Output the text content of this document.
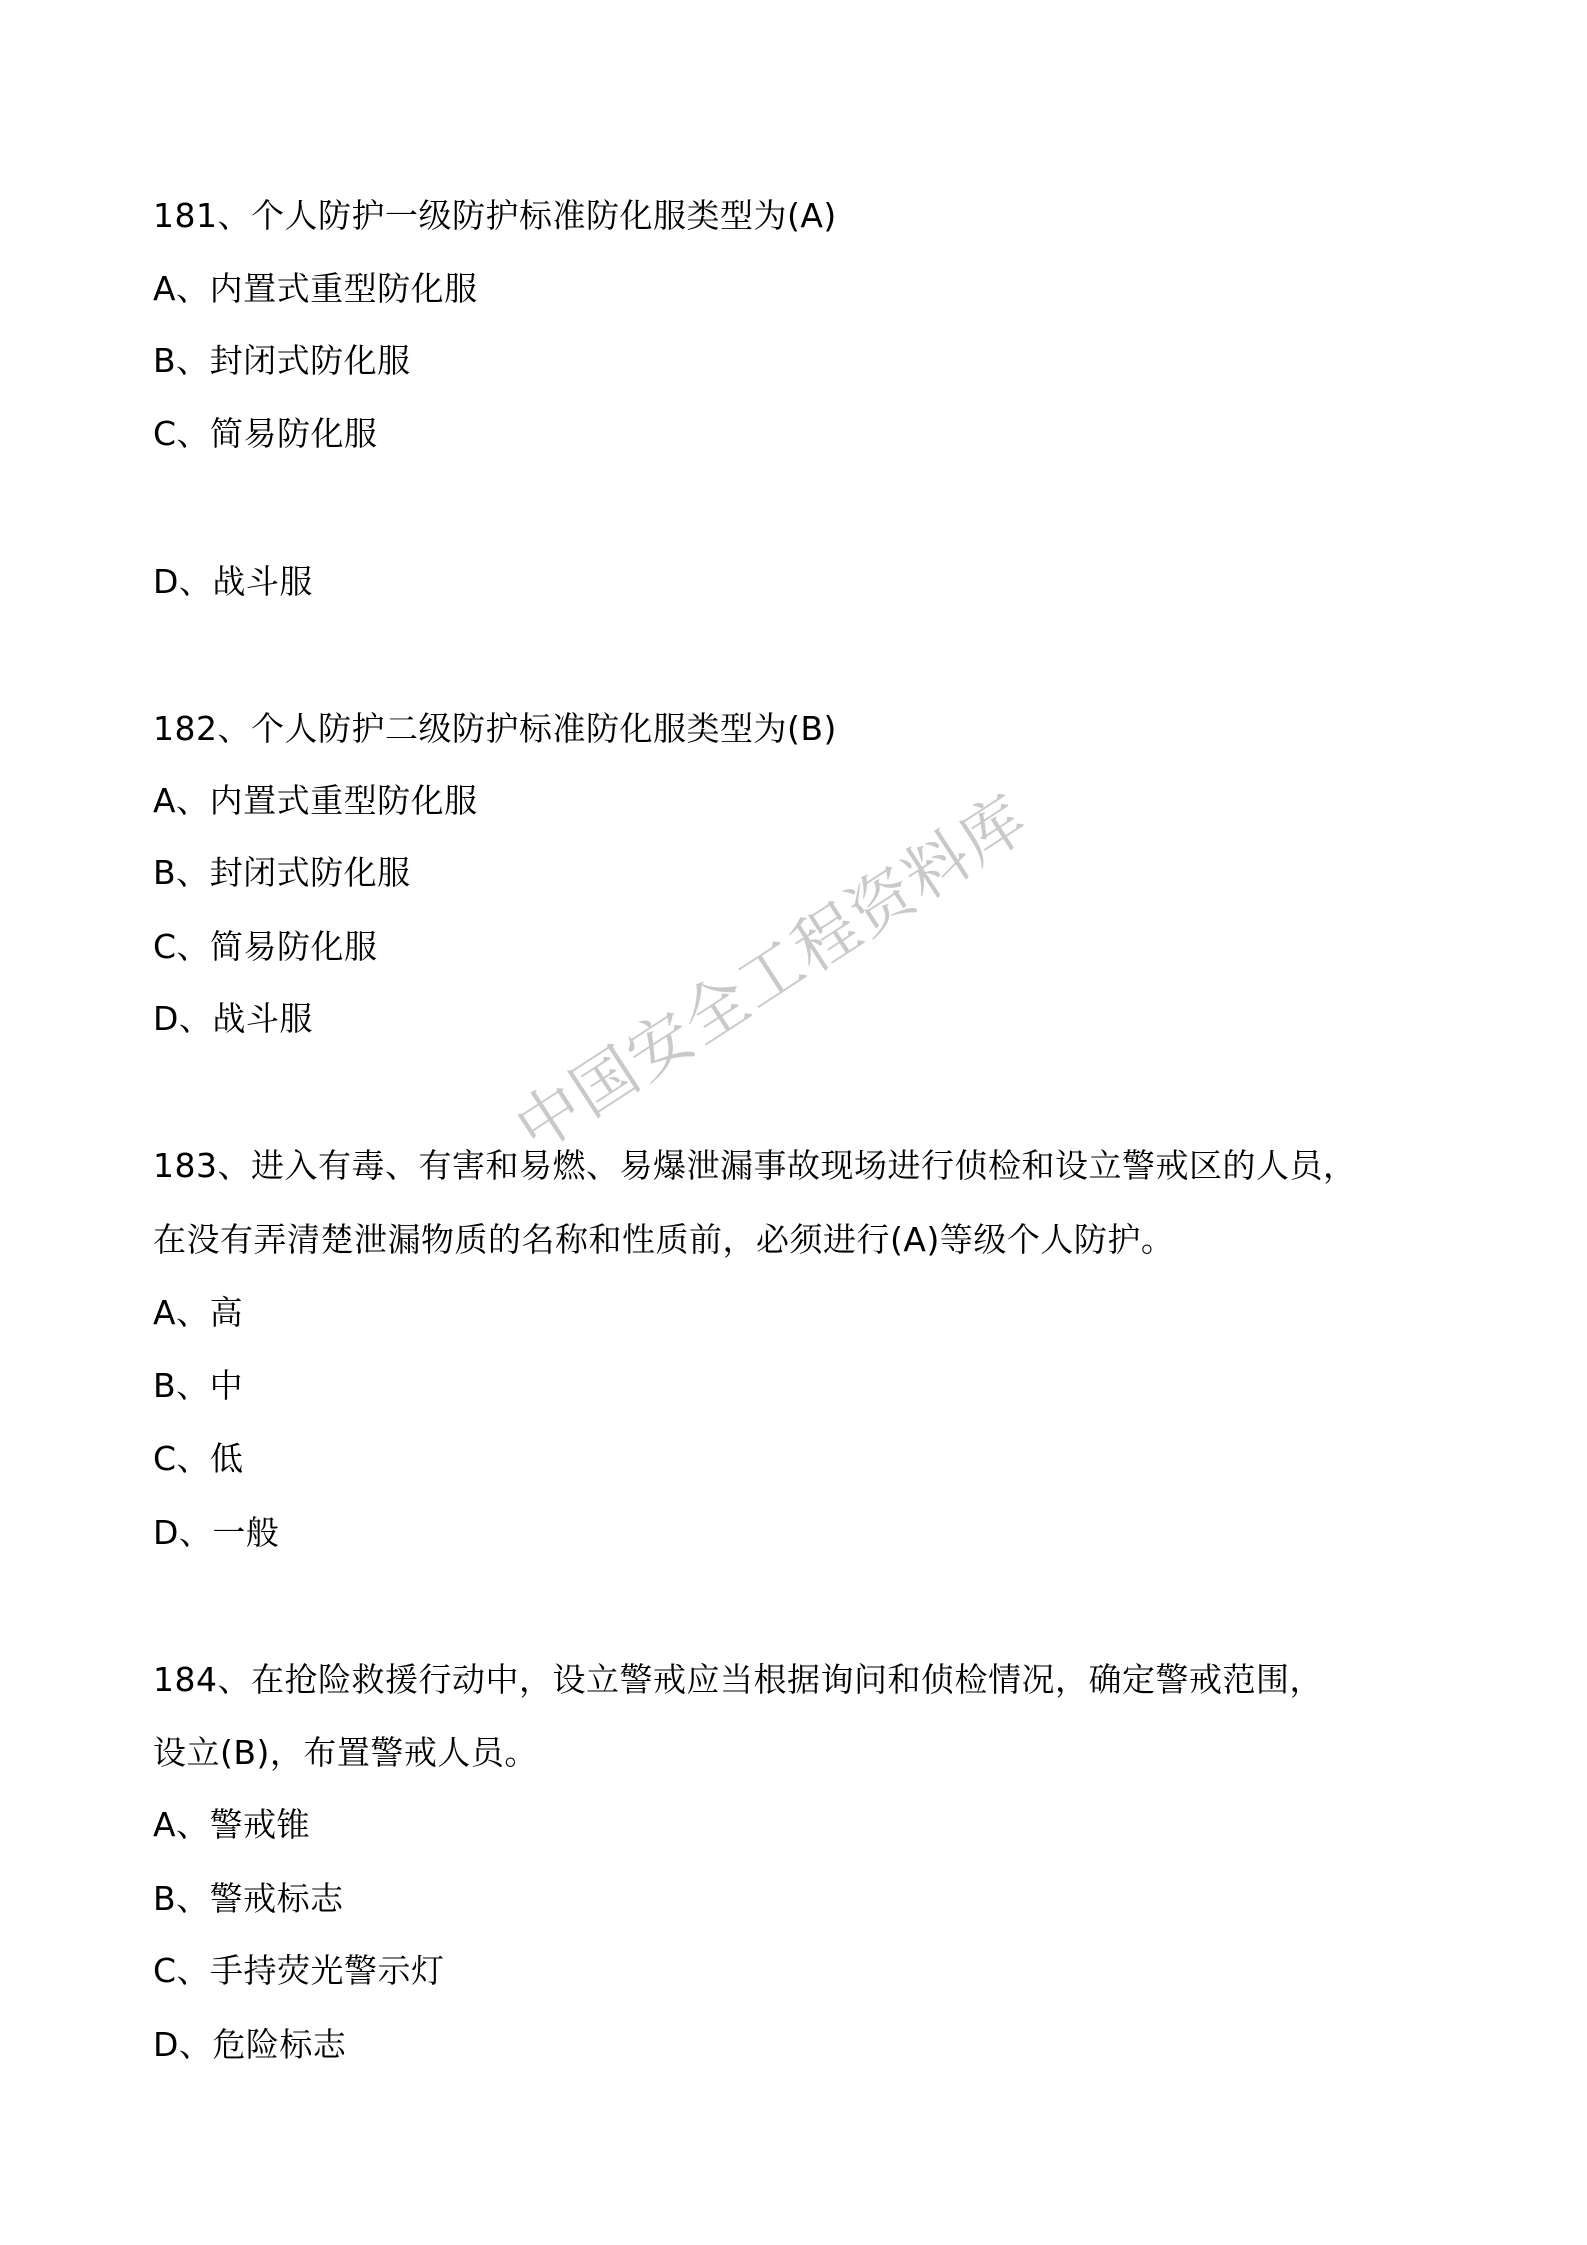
中国安全工程资料库
181、个人防护一级防护标准防化服类型为(A)
A、内置式重型防化服
B、封闭式防化服
C、简易防化服
D、战斗服
182、个人防护二级防护标准防化服类型为(B)
A、内置式重型防化服
B、封闭式防化服
C、简易防化服
D、战斗服
183、进入有毒、有害和易燃、易爆泄漏事故现场进行侦检和设立警戒区的人员，
在没有弄清楚泄漏物质的名称和性质前，必须进行(A)等级个人防护。
A、高
B、中
C、低
D、一般
184、在抢险救援行动中，设立警戒应当根据询问和侦检情况，确定警戒范围，
设立(B)，布置警戒人员。
A、警戒锥
B、警戒标志
C、手持荧光警示灯
D、危险标志
